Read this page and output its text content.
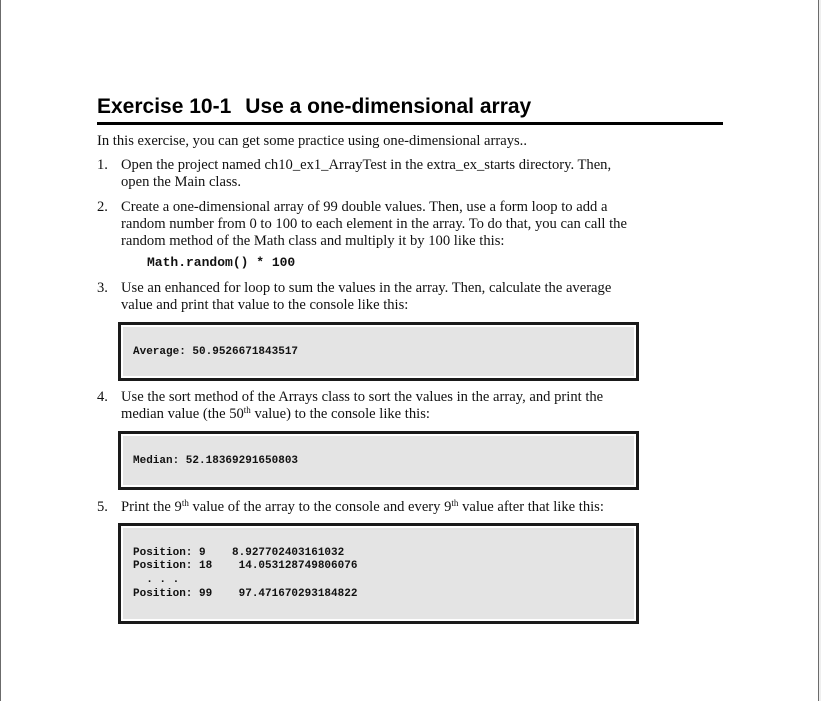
Exercise 10-1 Use a one-dimensional array

In this exercise, you can get some practice using one-dimensional arrays..

1. Open the project named ch10_ex1_ArrayTest in the extra_ex_starts directory. Then, open the Main class.
2. Create a one-dimensional array of 99 double values. Then, use a form loop to add a random number from 0 to 100 to each element in the array. To do that, you can call the random method of the Math class and multiply it by 100 like this:
Math.random() * 100
3. Use an enhanced for loop to sum the values in the array. Then, calculate the average value and print that value to the console like this:
Average: 50.9526671843517
4. Use the sort method of the Arrays class to sort the values in the array, and print the median value (the 50th value) to the console like this:
Median: 52.18369291650803
5. Print the 9th value of the array to the console and every 9th value after that like this:
Position: 9    8.927702403161032
Position: 18    14.053128749806076
. . .
Position: 99    97.471670293184822
